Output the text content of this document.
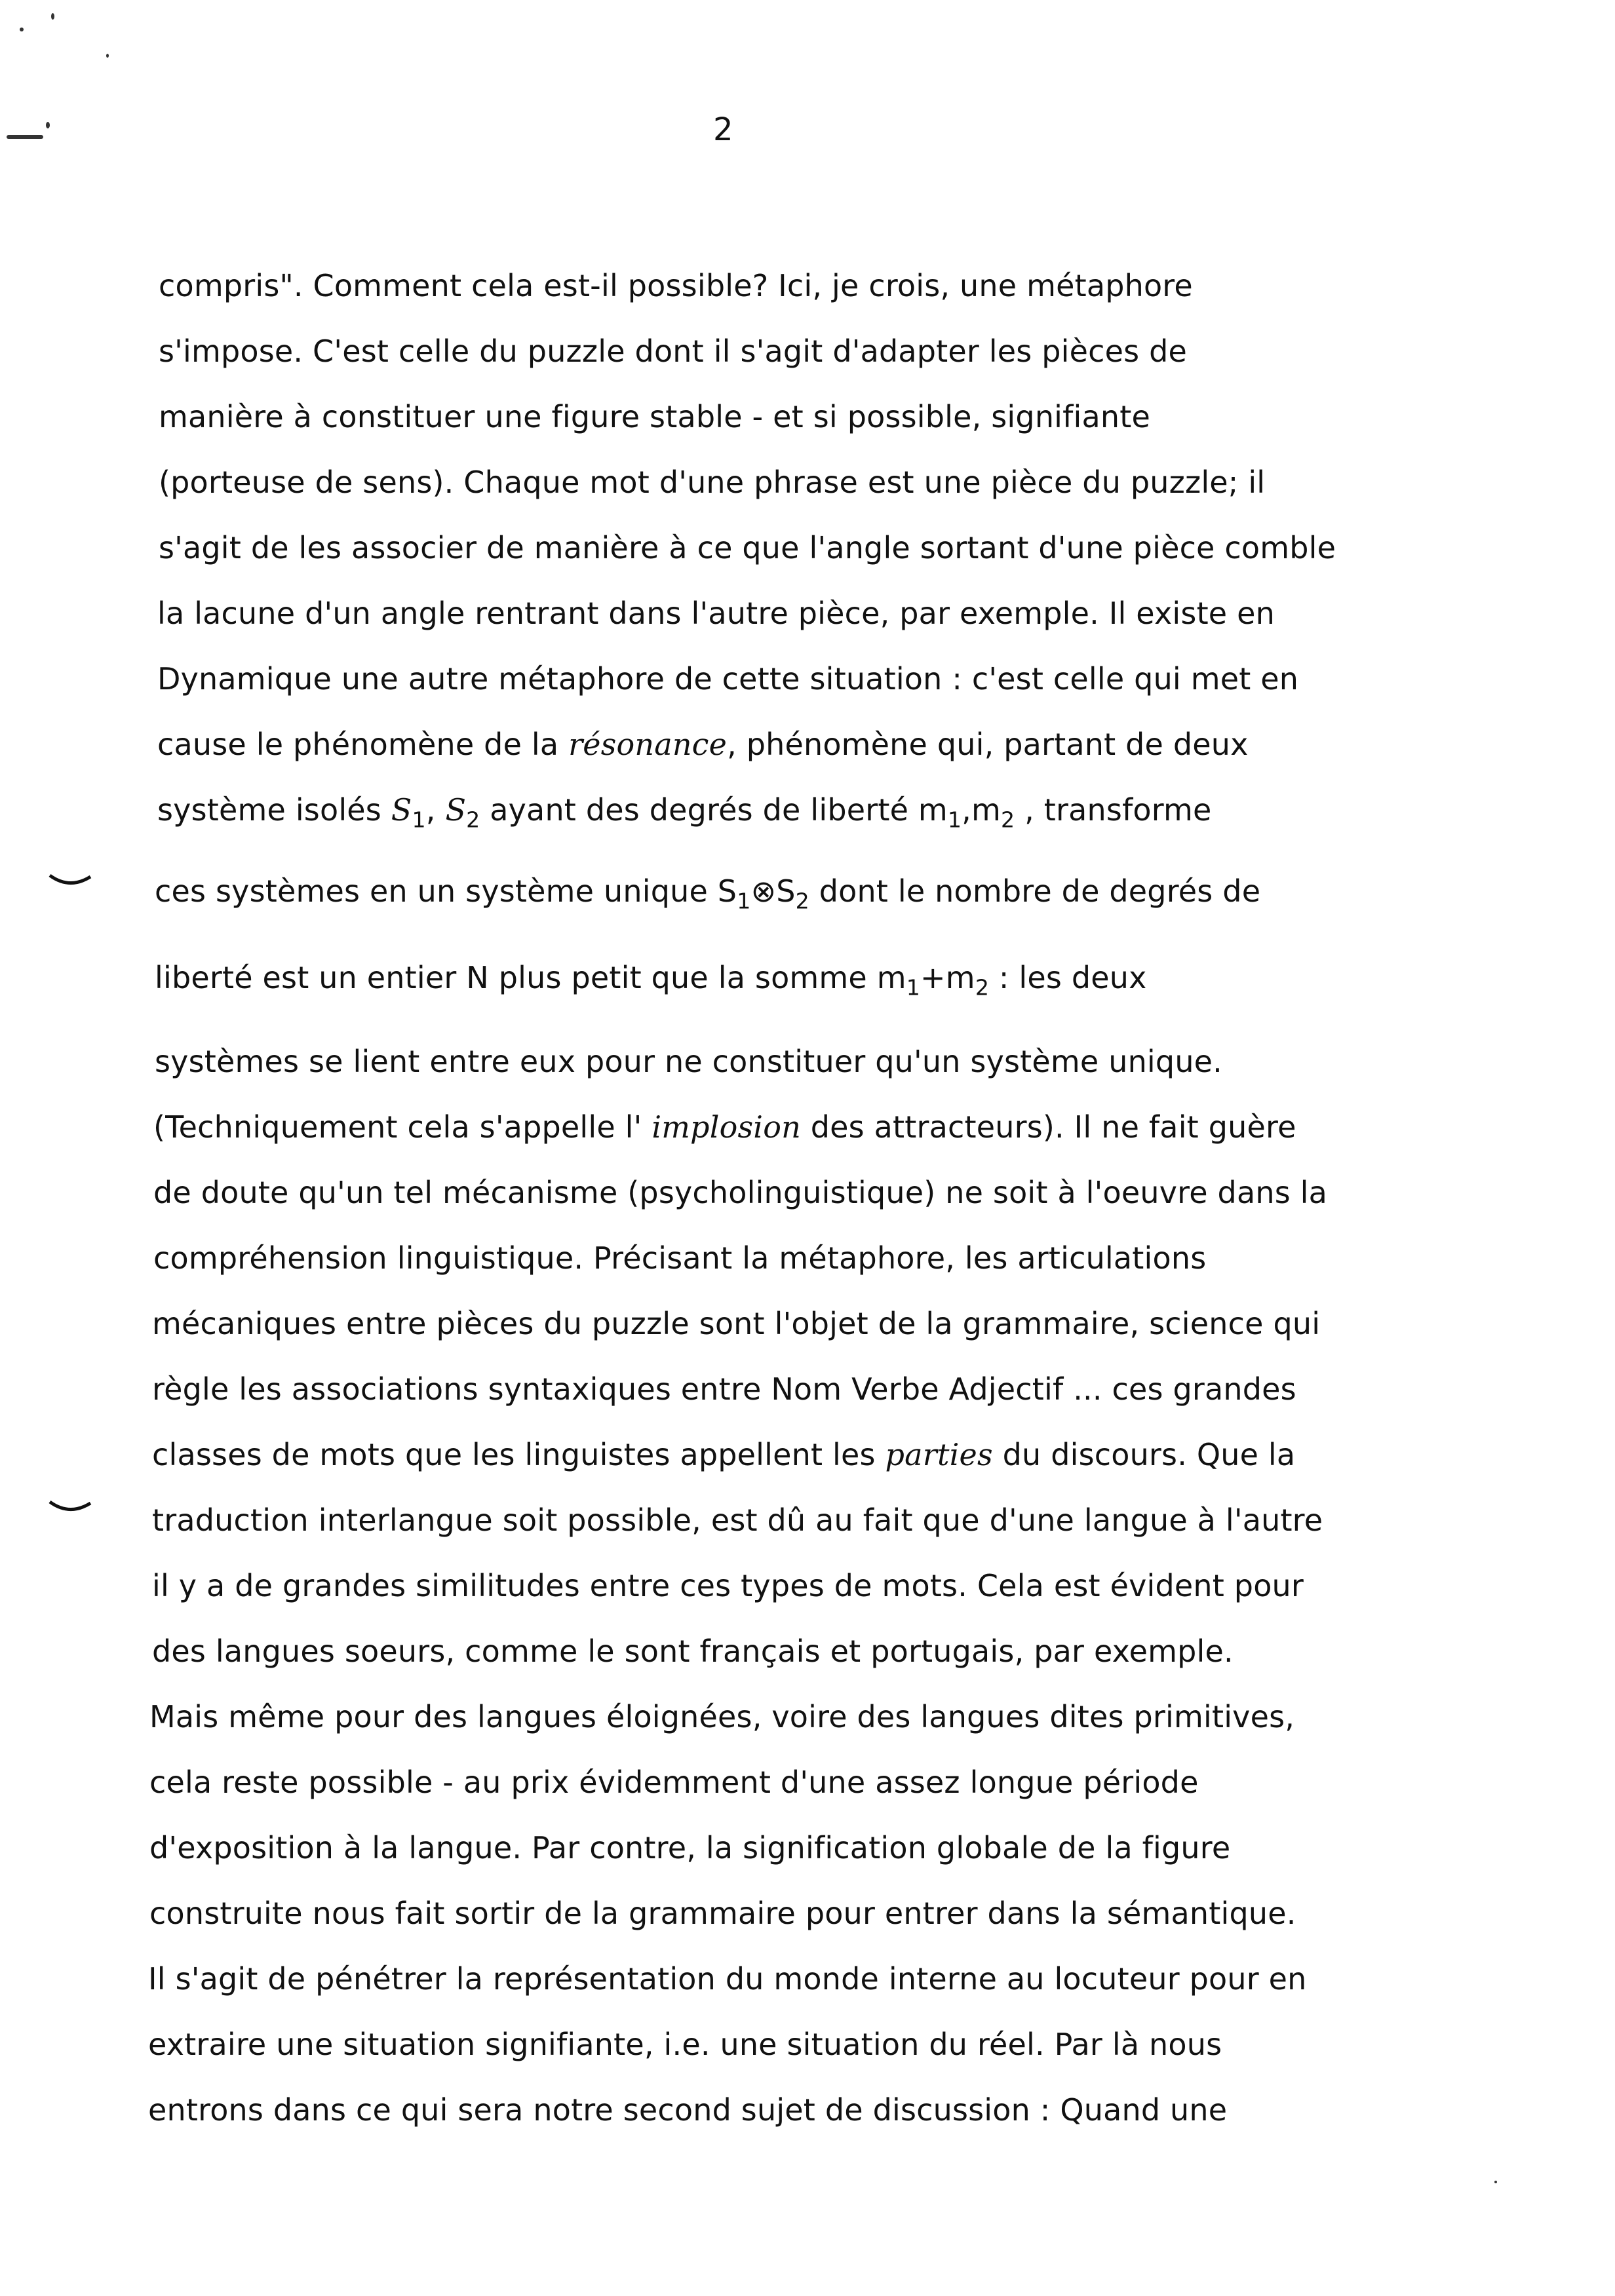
2
compris". Comment cela est-il possible? Ici, je crois, une métaphore
s'impose. C'est celle du puzzle dont il s'agit d'adapter les pièces de
manière à constituer une figure stable - et si possible, signifiante
(porteuse de sens). Chaque mot d'une phrase est une pièce du puzzle; il
s'agit de les associer de manière à ce que l'angle sortant d'une pièce comble
la lacune d'un angle rentrant dans l'autre pièce, par exemple. Il existe en
Dynamique une autre métaphore de cette situation : c'est celle qui met en
cause le phénomène de la résonance, phénomène qui, partant de deux
système isolés $S_1$, $S_2$ ayant des degrés de liberté $m_1,m_2$ , transforme
ces systèmes en un système unique $S_1\otimes S_2$ dont le nombre de degrés de
liberté est un entier N plus petit que la somme $m_1+m_2$ : les deux
systèmes se lient entre eux pour ne constituer qu'un système unique.
(Techniquement cela s'appelle l' implosion des attracteurs). Il ne fait guère
de doute qu'un tel mécanisme (psycholinguistique) ne soit à l'oeuvre dans la
compréhension linguistique. Précisant la métaphore, les articulations
mécaniques entre pièces du puzzle sont l'objet de la grammaire, science qui
règle les associations syntaxiques entre Nom Verbe Adjectif ... ces grandes
classes de mots que les linguistes appellent les parties du discours. Que la
traduction interlangue soit possible, est dû au fait que d'une langue à l'autre
il y a de grandes similitudes entre ces types de mots. Cela est évident pour
des langues soeurs, comme le sont français et portugais, par exemple.
Mais même pour des langues éloignées, voire des langues dites primitives,
cela reste possible - au prix évidemment d'une assez longue période
d'exposition à la langue. Par contre, la signification globale de la figure
construite nous fait sortir de la grammaire pour entrer dans la sémantique.
Il s'agit de pénétrer la représentation du monde interne au locuteur pour en
extraire une situation signifiante, i.e. une situation du réel. Par là nous
entrons dans ce qui sera notre second sujet de discussion : Quand une
